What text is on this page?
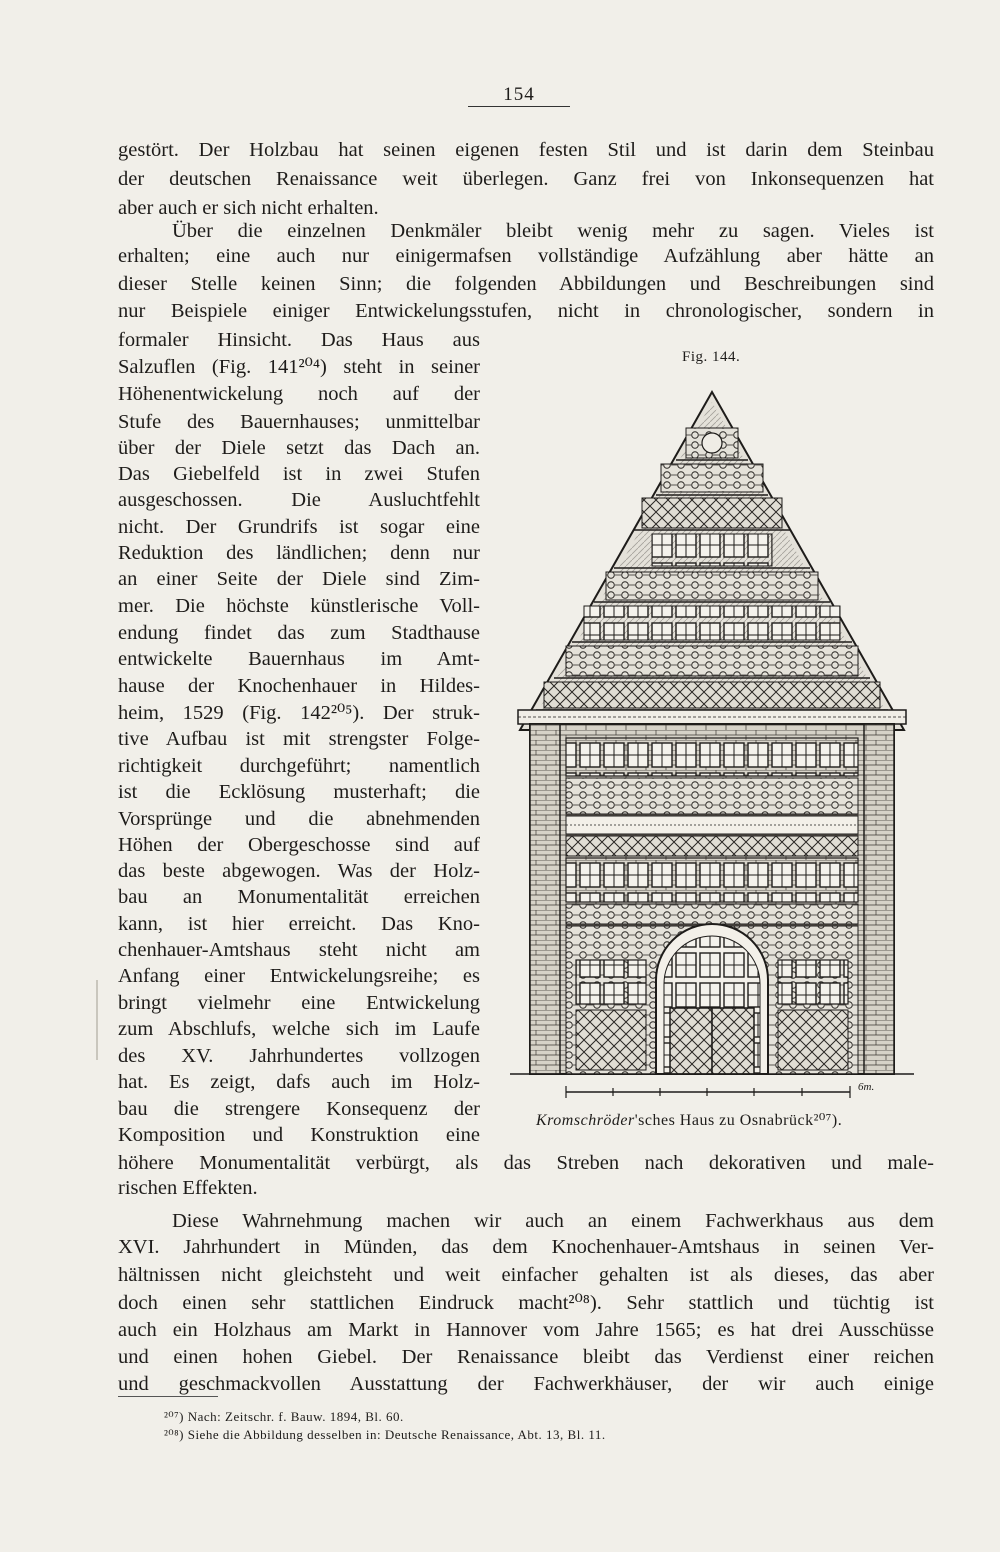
154

gestört. Der Holzbau hat seinen eigenen festen Stil und ist darin dem Steinbau

der deutschen Renaissance weit überlegen. Ganz frei von Inkonsequenzen hat

aber auch er sich nicht erhalten.

Über die einzelnen Denkmäler bleibt wenig mehr zu sagen. Vieles ist

erhalten; eine auch nur einigermafsen vollständige Aufzählung aber hätte an

dieser Stelle keinen Sinn; die folgenden Abbildungen und Beschreibungen sind

nur Beispiele einiger Entwickelungsstufen, nicht in chronologischer, sondern in

formaler Hinsicht. Das Haus aus

Salzuflen (Fig. 141²⁰⁴) steht in seiner

Höhenentwickelung noch auf der

Stufe des Bauernhauses; unmittelbar

über der Diele setzt das Dach an.

Das Giebelfeld ist in zwei Stufen

ausgeschossen. Die Ausluchtfehlt

nicht. Der Grundrifs ist sogar eine

Reduktion des ländlichen; denn nur

an einer Seite der Diele sind Zim-

mer. Die höchste künstlerische Voll-

endung findet das zum Stadthause

entwickelte Bauernhaus im Amt-

hause der Knochenhauer in Hildes-

heim, 1529 (Fig. 142²⁰⁵). Der struk-

tive Aufbau ist mit strengster Folge-

richtigkeit durchgeführt; namentlich

ist die Ecklösung musterhaft; die

Vorsprünge und die abnehmenden

Höhen der Obergeschosse sind auf

das beste abgewogen. Was der Holz-

bau an Monumentalität erreichen

kann, ist hier erreicht. Das Kno-

chenhauer-Amtshaus steht nicht am

Anfang einer Entwickelungsreihe; es

bringt vielmehr eine Entwickelung

zum Abschlufs, welche sich im Laufe

des XV. Jahrhundertes vollzogen

hat. Es zeigt, dafs auch im Holz-

bau die strengere Konsequenz der

Komposition und Konstruktion eine

höhere Monumentalität verbürgt, als das Streben nach dekorativen und male-

rischen Effekten.

Diese Wahrnehmung machen wir auch an einem Fachwerkhaus aus dem

XVI. Jahrhundert in Münden, das dem Knochenhauer-Amtshaus in seinen Ver-

hältnissen nicht gleichsteht und weit einfacher gehalten ist als dieses, das aber

doch einen sehr stattlichen Eindruck macht²⁰⁸). Sehr stattlich und tüchtig ist

auch ein Holzhaus am Markt in Hannover vom Jahre 1565; es hat drei Ausschüsse

und einen hohen Giebel. Der Renaissance bleibt das Verdienst einer reichen

und geschmackvollen Ausstattung der Fachwerkhäuser, der wir auch einige

Fig. 144.
6m.
Kromschröder'sches Haus zu Osnabrück²⁰⁷).
²⁰⁷) Nach: Zeitschr. f. Bauw. 1894, Bl. 60.
²⁰⁸) Siehe die Abbildung desselben in: Deutsche Renaissance, Abt. 13, Bl. 11.
